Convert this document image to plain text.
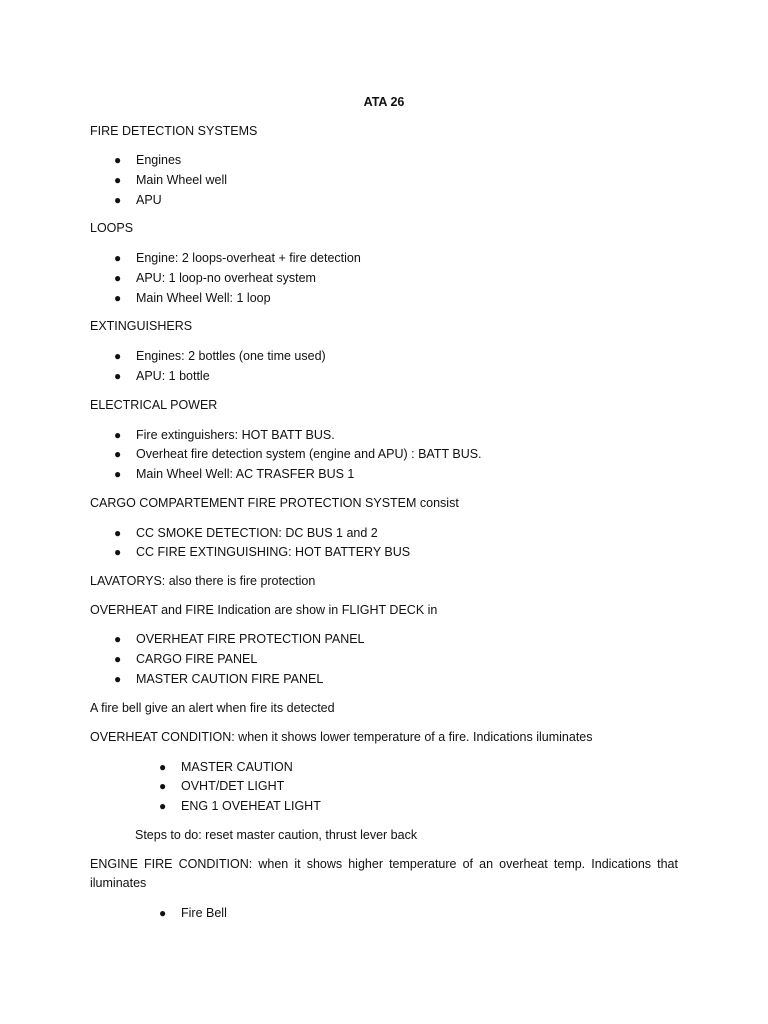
ATA 26

FIRE DETECTION SYSTEMS

● Engines

● Main Wheel well

● APU

LOOPS

● Engine: 2 loops-overheat + fire detection

● APU: 1 loop-no overheat system

● Main Wheel Well: 1 loop

EXTINGUISHERS

● Engines: 2 bottles (one time used)

● APU: 1 bottle

ELECTRICAL POWER

● Fire extinguishers: HOT BATT BUS.

● Overheat fire detection system (engine and APU) : BATT BUS.

● Main Wheel Well: AC TRASFER BUS 1

CARGO COMPARTEMENT FIRE PROTECTION SYSTEM consist

● CC SMOKE DETECTION: DC BUS 1 and 2

● CC FIRE EXTINGUISHING: HOT BATTERY BUS

LAVATORYS: also there is fire protection

OVERHEAT and FIRE Indication are show in FLIGHT DECK in

● OVERHEAT FIRE PROTECTION PANEL

● CARGO FIRE PANEL

● MASTER CAUTION FIRE PANEL

A fire bell give an alert when fire its detected

OVERHEAT CONDITION: when it shows lower temperature of a fire. Indications iluminates

● MASTER CAUTION

● OVHT/DET LIGHT

● ENG 1 OVEHEAT LIGHT

Steps to do: reset master caution, thrust lever back

ENGINE FIRE CONDITION: when it shows higher temperature of an overheat temp. Indications that iluminates

● Fire Bell
